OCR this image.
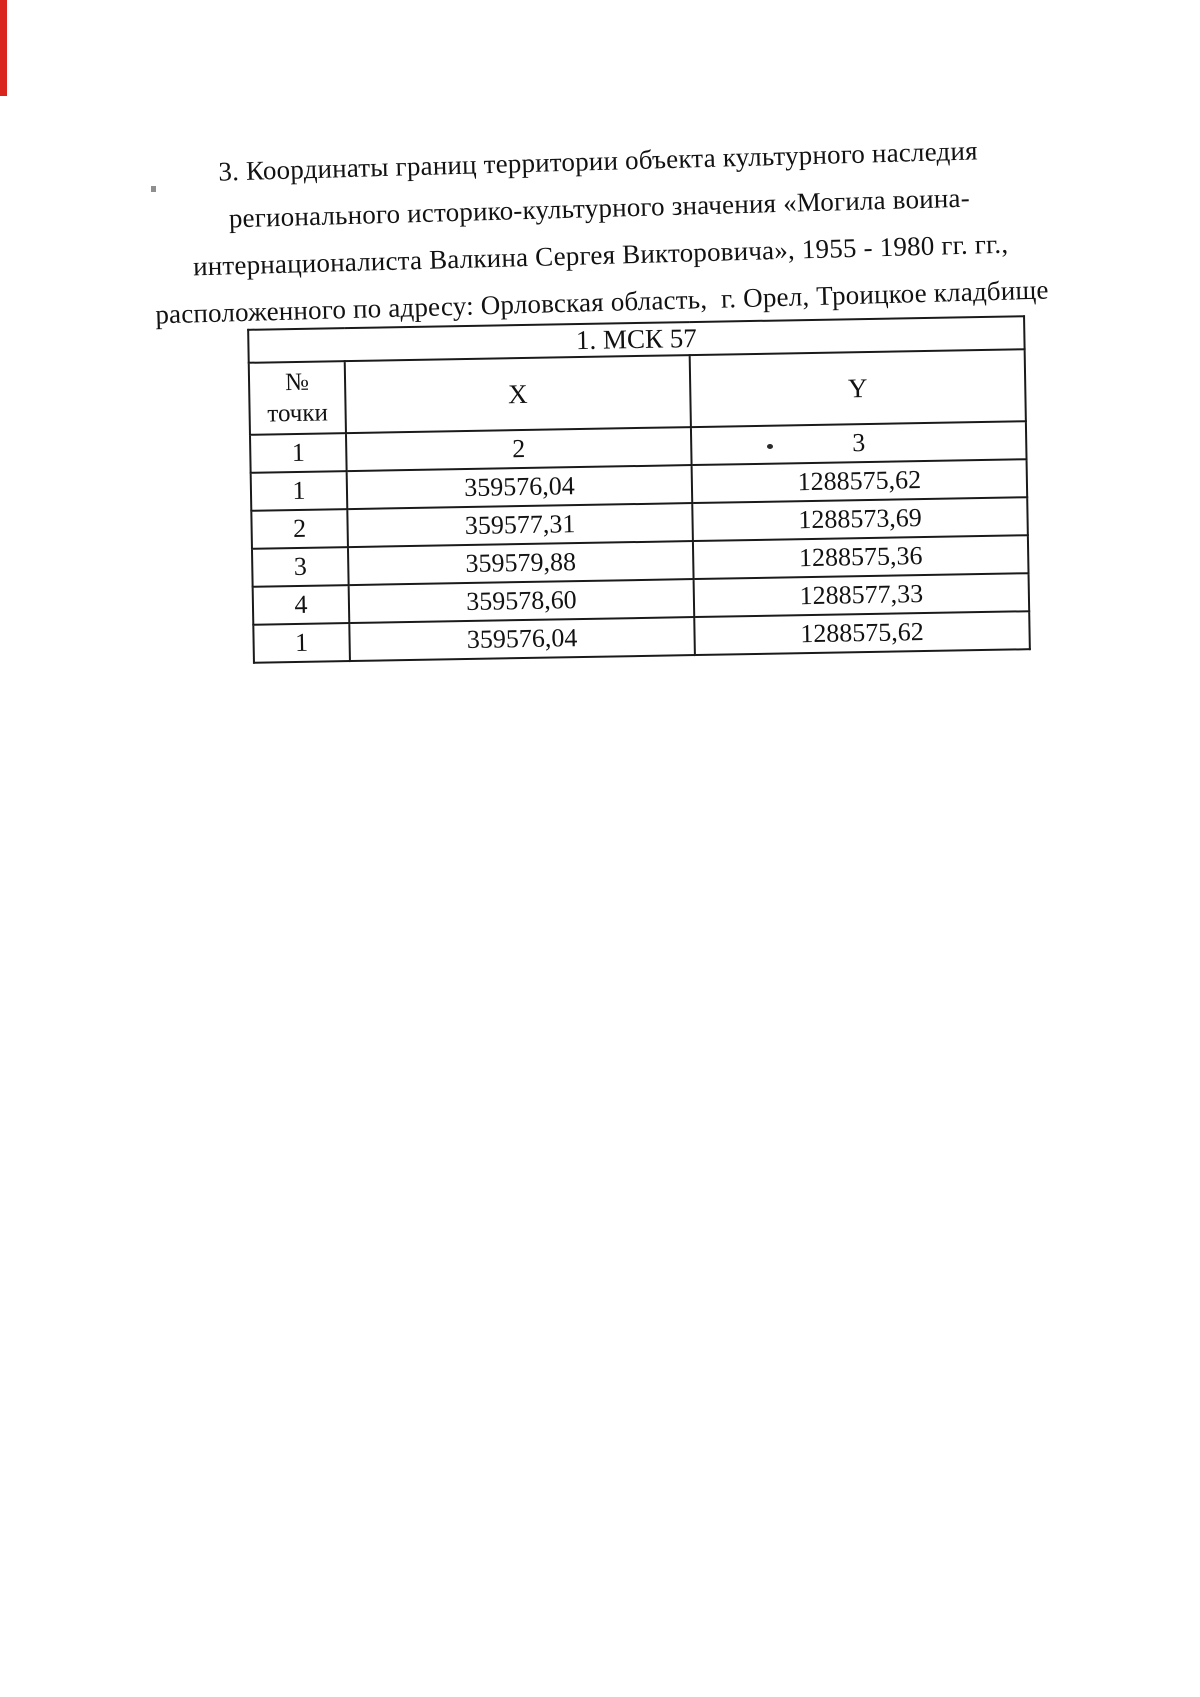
3. Координаты границ территории объекта культурного наследия
регионального историко-культурного значения «Могила воина-
интернационалиста Валкина Сергея Викторовича», 1955 - 1980 гг. гг.,
расположенного по адресу: Орловская область,  г. Орел, Троицкое кладбище
1. МСК 57		

№
точки	X	Y
1	2	3
1	359576,04	1288575,62
2	359577,31	1288573,69
3	359579,88	1288575,36
4	359578,60	1288577,33
1	359576,04	1288575,62
